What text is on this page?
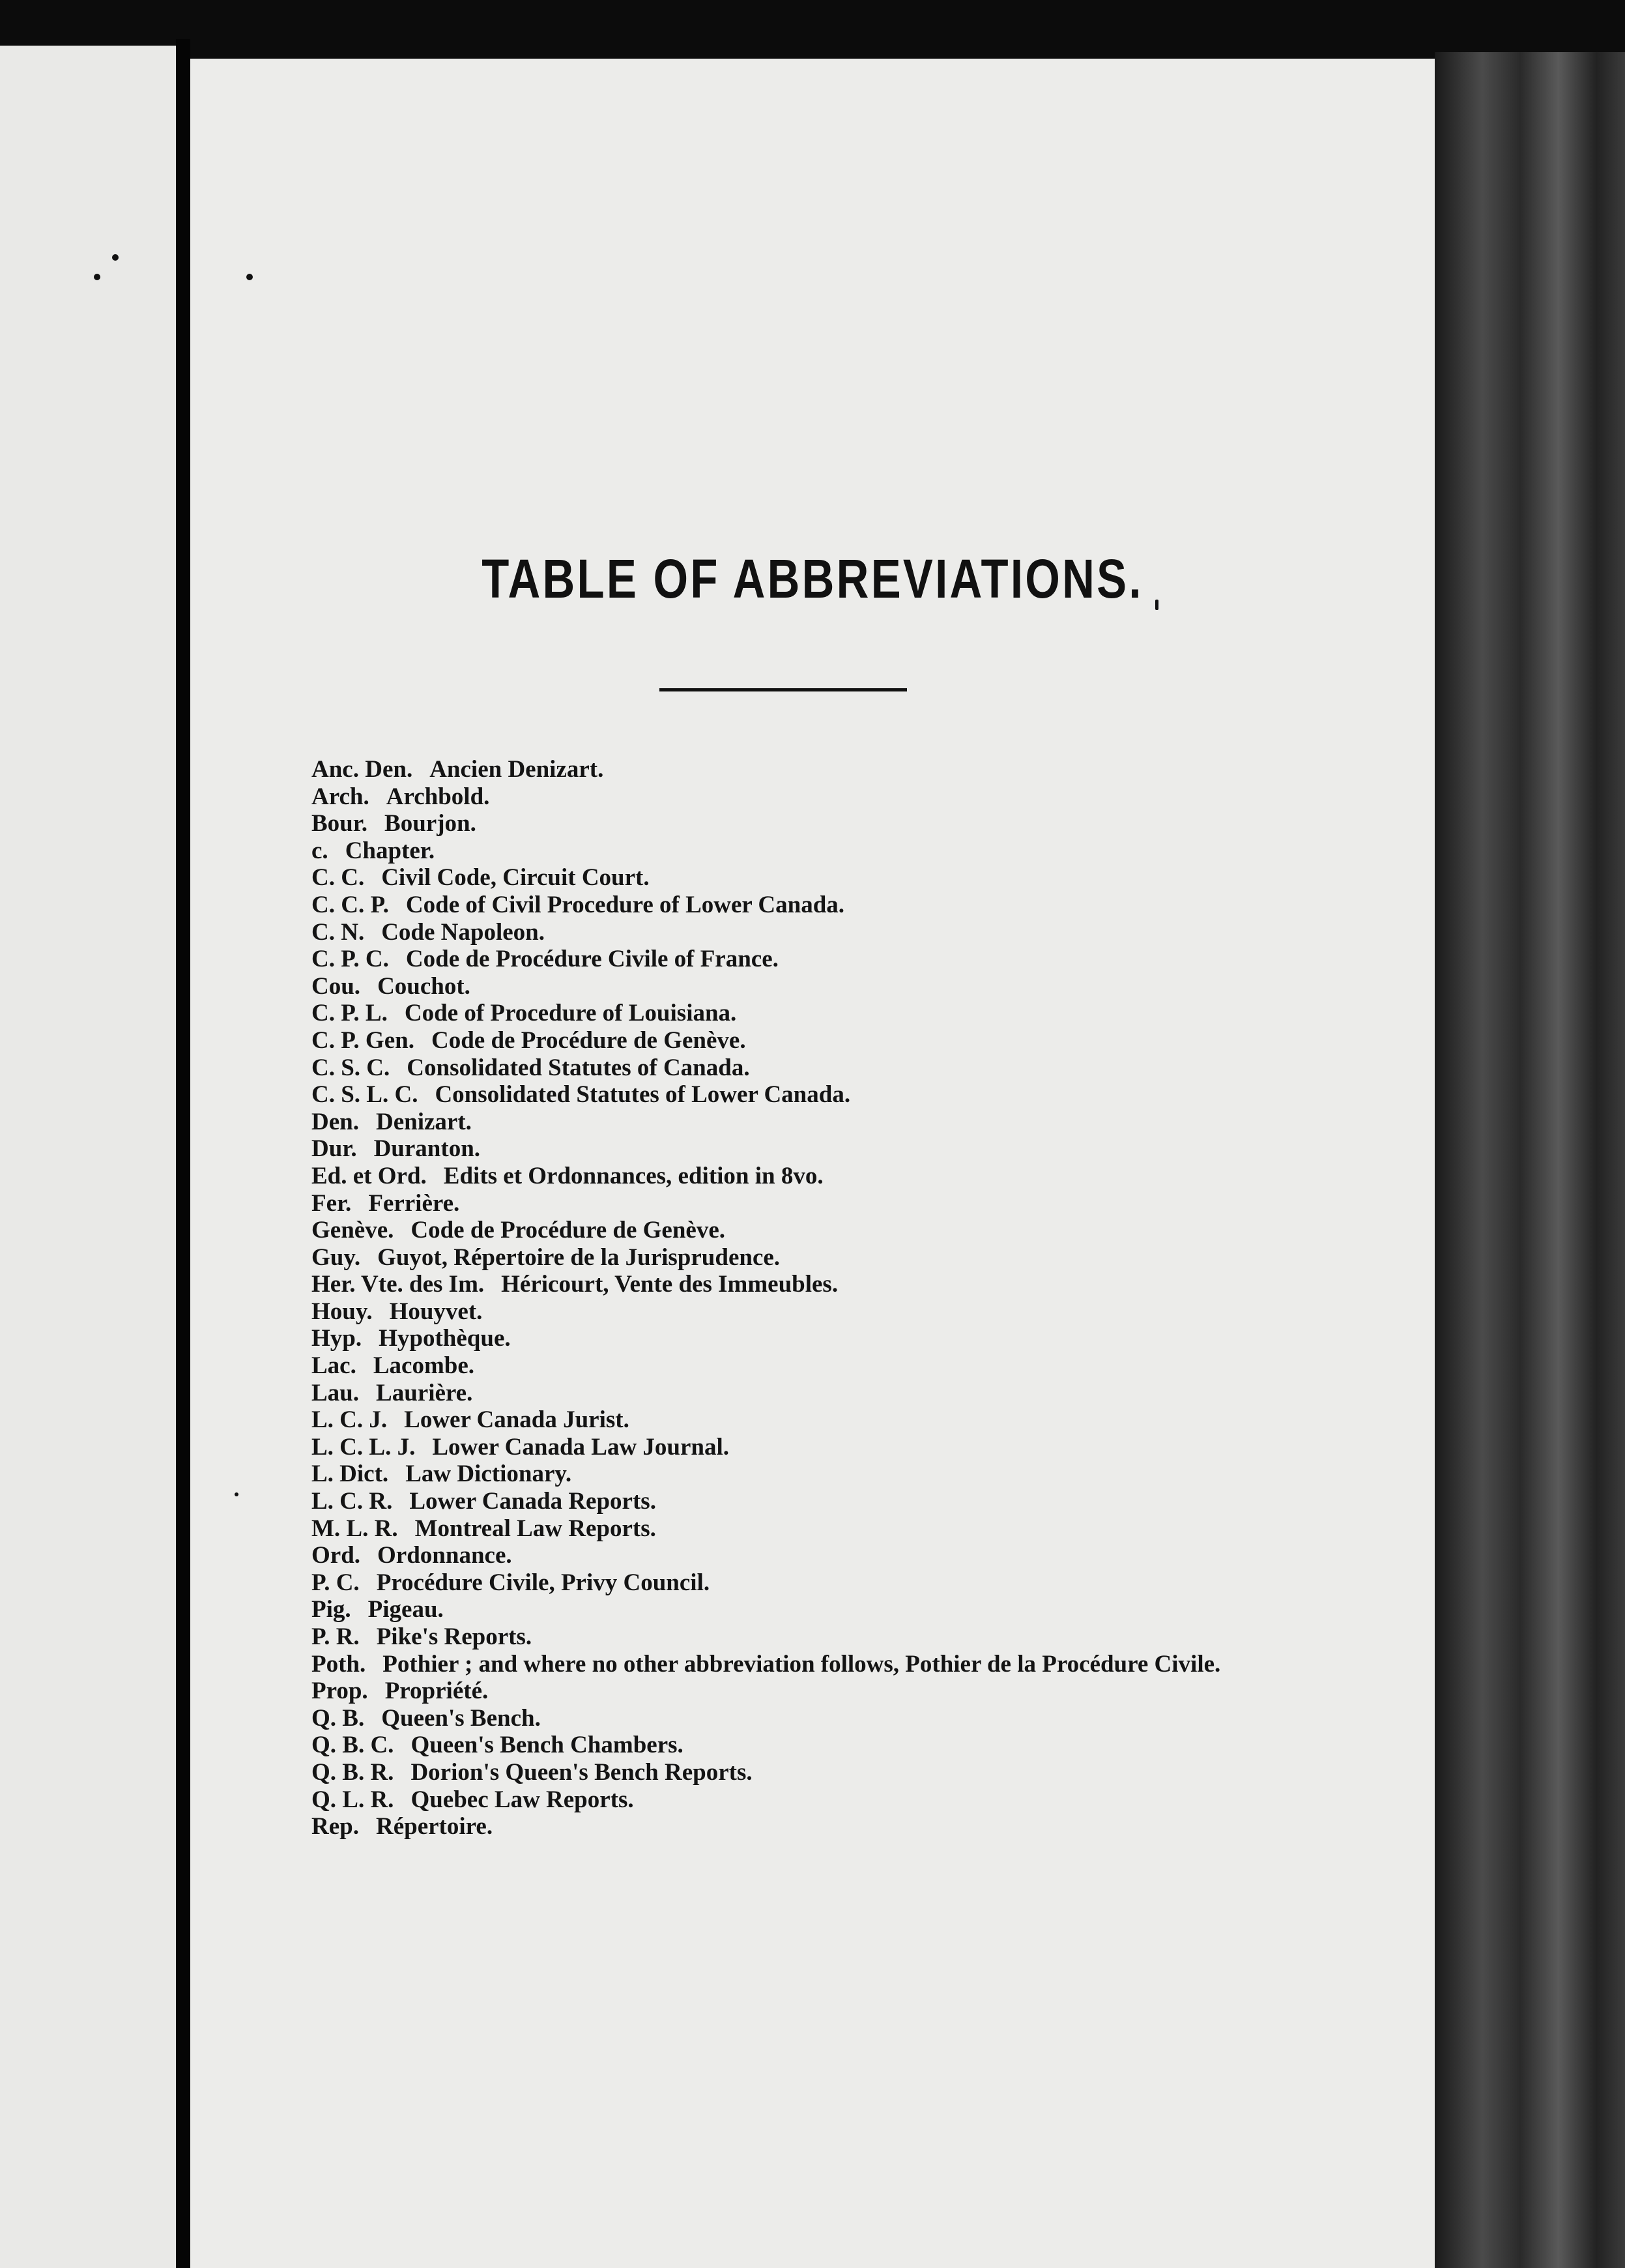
TABLE OF ABBREVIATIONS.
Anc. Den. Ancien Denizart.
Arch. Archbold.
Bour. Bourjon.
c. Chapter.
C. C. Civil Code, Circuit Court.
C. C. P. Code of Civil Procedure of Lower Canada.
C. N. Code Napoleon.
C. P. C. Code de Procédure Civile of France.
Cou. Couchot.
C. P. L. Code of Procedure of Louisiana.
C. P. Gen. Code de Procédure de Genève.
C. S. C. Consolidated Statutes of Canada.
C. S. L. C. Consolidated Statutes of Lower Canada.
Den. Denizart.
Dur. Duranton.
Ed. et Ord. Edits et Ordonnances, edition in 8vo.
Fer. Ferrière.
Genève. Code de Procédure de Genève.
Guy. Guyot, Répertoire de la Jurisprudence.
Her. Vte. des Im. Héricourt, Vente des Immeubles.
Houy. Houyvet.
Hyp. Hypothèque.
Lac. Lacombe.
Lau. Laurière.
L. C. J. Lower Canada Jurist.
L. C. L. J. Lower Canada Law Journal.
L. Dict. Law Dictionary.
L. C. R. Lower Canada Reports.
M. L. R. Montreal Law Reports.
Ord. Ordonnance.
P. C. Procédure Civile, Privy Council.
Pig. Pigeau.
P. R. Pike's Reports.
Poth. Pothier ; and where no other abbreviation follows, Pothier de la Procédure Civile.
Prop. Propriété.
Q. B. Queen's Bench.
Q. B. C. Queen's Bench Chambers.
Q. B. R. Dorion's Queen's Bench Reports.
Q. L. R. Quebec Law Reports.
Rep. Répertoire.
